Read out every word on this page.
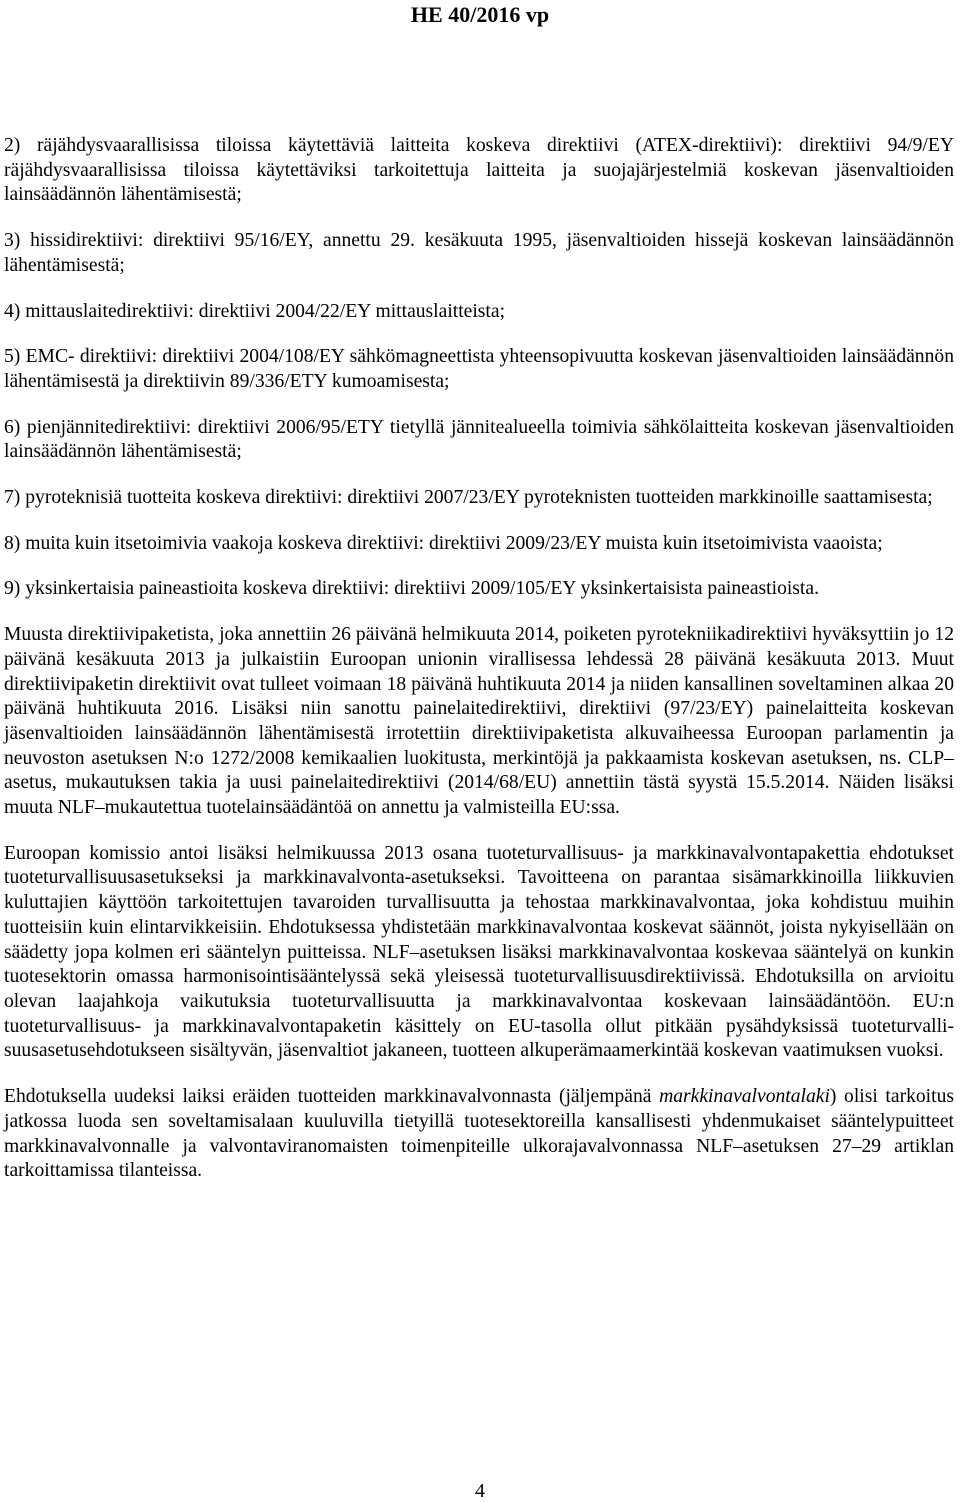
HE 40/2016 vp

2) räjähdysvaarallisissa tiloissa käytettäviä laitteita koskeva direktiivi (ATEX-direktiivi): direktiivi 94/9/EY räjähdysvaarallisissa tiloissa käytettäviksi tarkoitettuja laitteita ja suojajärjestelmiä koskevan jäsenvaltioiden lainsäädännön lähentämisestä;

3) hissidirektiivi: direktiivi 95/16/EY, annettu 29. kesäkuuta 1995, jäsenvaltioiden hissejä koskevan lainsäädännön lähentämisestä;

4) mittauslaitedirektiivi: direktiivi 2004/22/EY mittauslaitteista;

5) EMC- direktiivi: direktiivi 2004/108/EY sähkömagneettista yhteensopivuutta koskevan jäsenvaltioiden lainsäädännön lähentämisestä ja direktiivin 89/336/ETY kumoamisesta;

6) pienjännitedirektiivi: direktiivi 2006/95/ETY tietyllä jännitealueella toimivia sähkölaitteita koskevan jäsenvaltioiden lainsäädännön lähentämisestä;

7) pyroteknisiä tuotteita koskeva direktiivi: direktiivi 2007/23/EY pyroteknisten tuotteiden markkinoille saattamisesta;

8) muita kuin itsetoimivia vaakoja koskeva direktiivi: direktiivi 2009/23/EY muista kuin itsetoimivista vaaoista;

9) yksinkertaisia paineastioita koskeva direktiivi: direktiivi 2009/105/EY yksinkertaisista paineastioista.

Muusta direktiivipaketista, joka annettiin 26 päivänä helmikuuta 2014, poiketen pyrotekniikadirektiivi hyväksyttiin jo 12 päivänä kesäkuuta 2013 ja julkaistiin Euroopan unionin virallisessa lehdessä 28 päivänä kesäkuuta 2013. Muut direktiivipaketin direktiivit ovat tulleet voimaan 18 päivänä huhtikuuta 2014 ja niiden kansallinen soveltaminen alkaa 20 päivänä huhtikuuta 2016. Lisäksi niin sanottu painelaitedirektiivi, direktiivi (97/23/EY) painelaitteita koskevan jäsenvaltioiden lainsäädännön lähentämisestä irrotettiin direktiivipaketista alkuvaiheessa Euroopan parlamentin ja neuvoston asetuksen N:o 1272/2008 kemikaalien luokitusta, merkintöjä ja pakkaamista koskevan asetuksen, ns. CLP–asetus, mukautuksen takia ja uusi painelaitedirektiivi (2014/68/EU) annettiin tästä syystä 15.5.2014. Näiden lisäksi muuta NLF–mukautettua tuotelainsäädäntöä on annettu ja valmisteilla EU:ssa.

Euroopan komissio antoi lisäksi helmikuussa 2013 osana tuoteturvallisuus- ja markkinavalvontapakettia ehdotukset tuoteturvallisuusasetukseksi ja markkinavalvonta-asetukseksi. Tavoitteena on parantaa sisämarkkinoilla liikkuvien kuluttajien käyttöön tarkoitettujen tavaroiden turvallisuutta ja tehostaa markkinavalvontaa, joka kohdistuu muihin tuotteisiin kuin elintarvikkeisiin. Ehdotuksessa yhdistetään markkinavalvontaa koskevat säännöt, joista nykyisellään on säädetty jopa kolmen eri sääntelyn puitteissa. NLF–asetuksen lisäksi markkinavalvontaa koskevaa sääntelyä on kunkin tuotesektorin omassa harmonisointisääntelyssä sekä yleisessä tuoteturvallisuusdirektiivissä. Ehdotuksilla on arvioitu olevan laajahkoja vaikutuksia tuoteturvallisuutta ja markkinavalvontaa koskevaan lainsäädäntöön. EU:n tuoteturvallisuus- ja markkinavalvontapaketin käsittely on EU-tasolla ollut pitkään pysähdyksissä tuoteturvallisuusasetusehdotukseen sisältyvän, jäsenvaltiot jakaneen, tuotteen alkuperämaamerkintää koskevan vaatimuksen vuoksi.

Ehdotuksella uudeksi laiksi eräiden tuotteiden markkinavalvonnasta (jäljempänä markkinavalvontalaki) olisi tarkoitus jatkossa luoda sen soveltamisalaan kuuluvilla tietyillä tuotesektoreilla kansallisesti yhdenmukaiset sääntelypuitteet markkinavalvonnalle ja valvontaviranomaisten toimenpiteille ulkorajavalvonnassa NLF–asetuksen 27–29 artiklan tarkoittamissa tilanteissa.

4
